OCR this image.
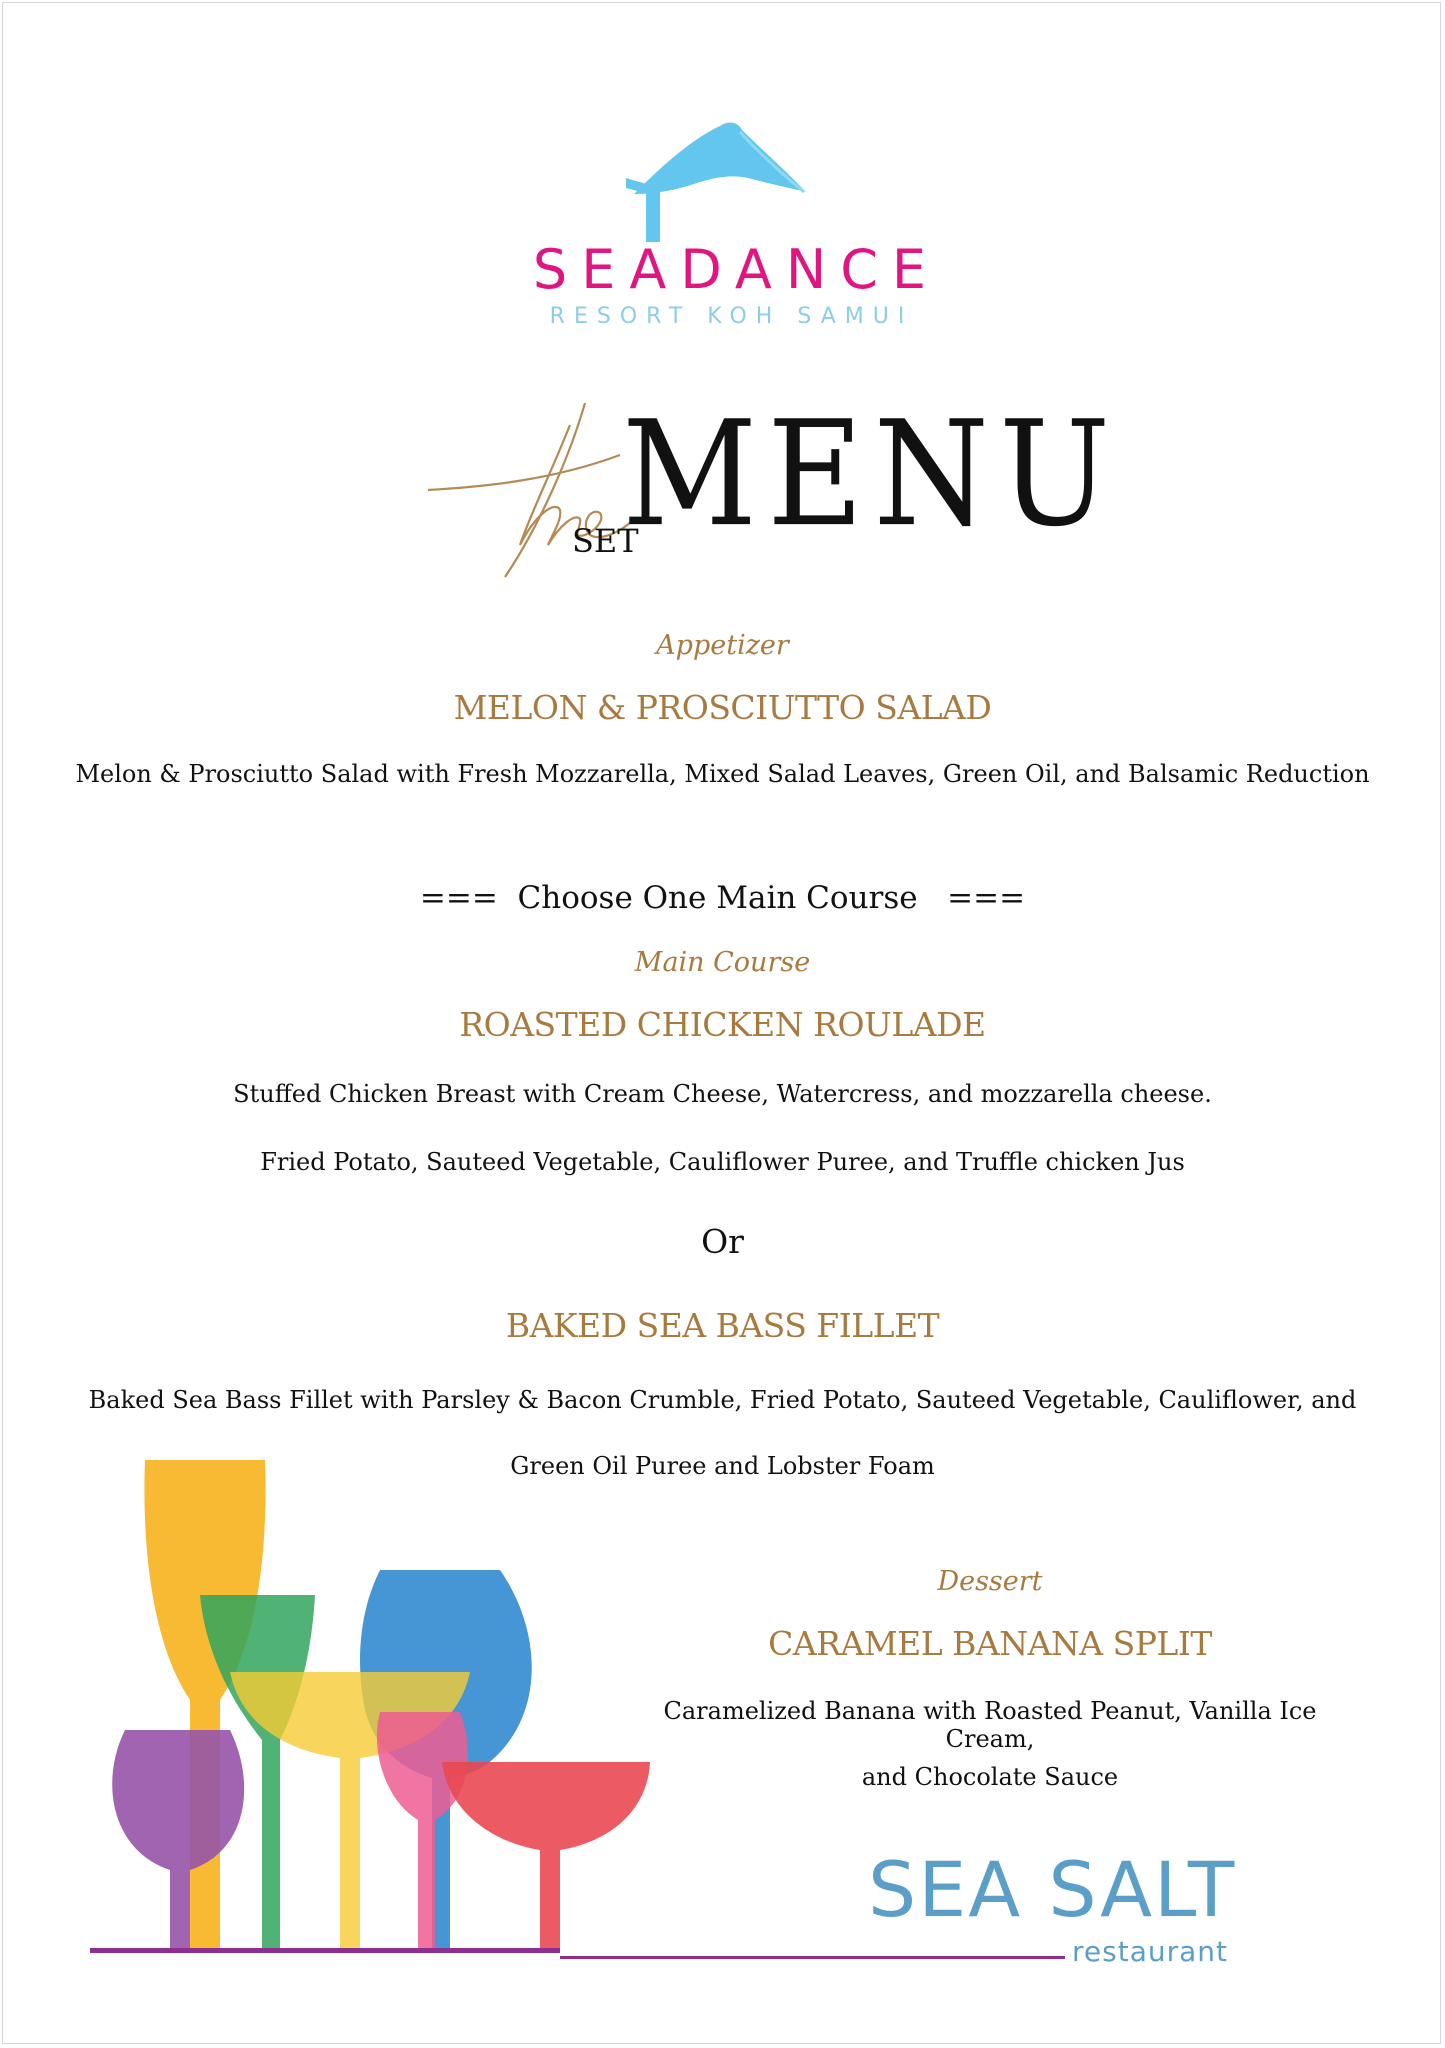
SEADANCE
RESORT KOH SAMUI
MENU
SET
Appetizer
MELON & PROSCIUTTO SALAD
Melon & Prosciutto Salad with Fresh Mozzarella, Mixed Salad Leaves, Green Oil, and Balsamic Reduction
===  Choose One Main Course   ===
Main Course
ROASTED CHICKEN ROULADE
Stuffed Chicken Breast with Cream Cheese, Watercress, and mozzarella cheese.
Fried Potato, Sauteed Vegetable, Cauliflower Puree, and Truffle chicken Jus
Or
BAKED SEA BASS FILLET
Baked Sea Bass Fillet with Parsley & Bacon Crumble, Fried Potato, Sauteed Vegetable, Cauliflower, and
Green Oil Puree and Lobster Foam
Dessert
CARAMEL BANANA SPLIT
Caramelized Banana with Roasted Peanut, Vanilla Ice Cream,
and Chocolate Sauce
SEA SALT
restaurant
